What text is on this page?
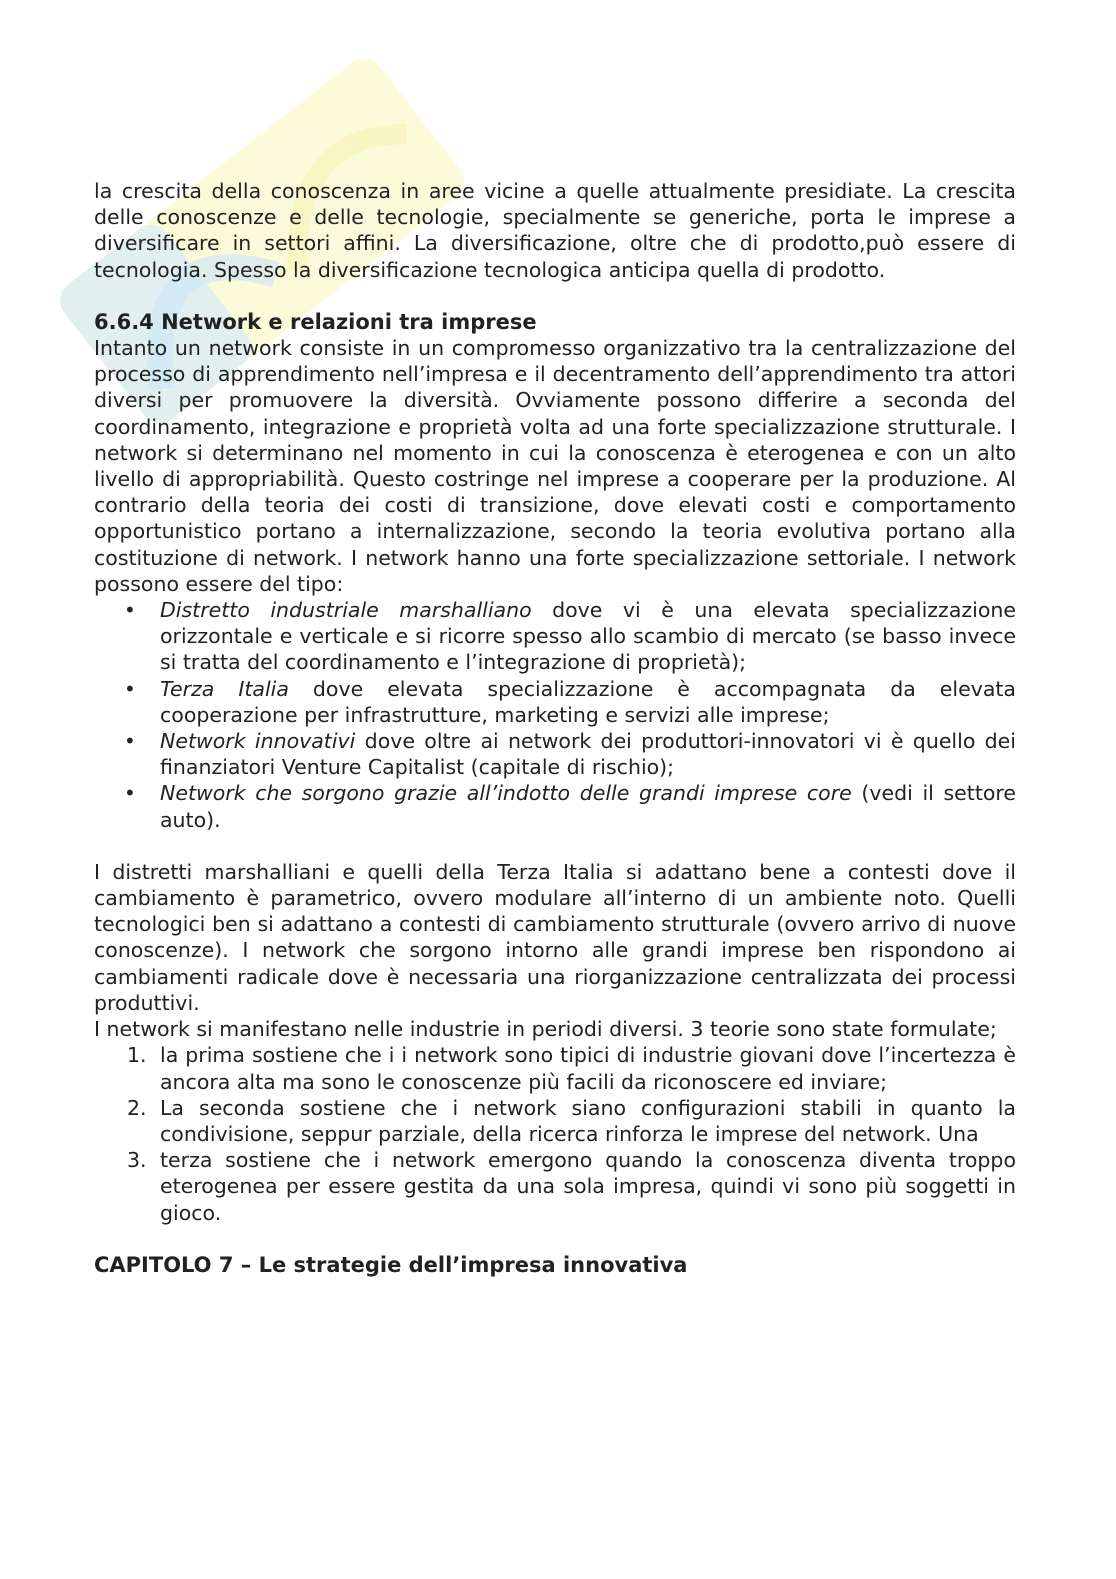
la crescita della conoscenza in aree vicine a quelle attualmente presidiate. La crescita delle conoscenze e delle tecnologie, specialmente se generiche, porta le imprese a diversificare in settori affini. La diversificazione, oltre che di prodotto,può essere di tecnologia. Spesso la diversificazione tecnologica anticipa quella di prodotto.

6.6.4 Network e relazioni tra imprese

Intanto un network consiste in un compromesso organizzativo tra la centralizzazione del processo di apprendimento nell’impresa e il decentramento dell’apprendimento tra attori diversi per promuovere la diversità. Ovviamente possono differire a seconda del coordinamento, integrazione e proprietà volta ad una forte specializzazione strutturale. I network si determinano nel momento in cui la conoscenza è eterogenea e con un alto livello di appropriabilità. Questo costringe nel imprese a cooperare per la produzione. Al contrario della teoria dei costi di transizione, dove elevati costi e comportamento opportunistico portano a internalizzazione, secondo la teoria evolutiva portano alla costituzione di network. I network hanno una forte specializzazione settoriale. I network possono essere del tipo:

• Distretto industriale marshalliano dove vi è una elevata specializzazione orizzontale e verticale e si ricorre spesso allo scambio di mercato (se basso invece si tratta del coordinamento e l’integrazione di proprietà);
• Terza Italia dove elevata specializzazione è accompagnata da elevata cooperazione per infrastrutture, marketing e servizi alle imprese;
• Network innovativi dove oltre ai network dei produttori-innovatori vi è quello dei finanziatori Venture Capitalist (capitale di rischio);
• Network che sorgono grazie all’indotto delle grandi imprese core (vedi il settore auto).

I distretti marshalliani e quelli della Terza Italia si adattano bene a contesti dove il cambiamento è parametrico, ovvero modulare all’interno di un ambiente noto. Quelli tecnologici ben si adattano a contesti di cambiamento strutturale (ovvero arrivo di nuove conoscenze). I network che sorgono intorno alle grandi imprese ben rispondono ai cambiamenti radicale dove è necessaria una riorganizzazione centralizzata dei processi produttivi.

I network si manifestano nelle industrie in periodi diversi. 3 teorie sono state formulate;

1. la prima sostiene che i i network sono tipici di industrie giovani dove l’incertezza è ancora alta ma sono le conoscenze più facili da riconoscere ed inviare;
2. La seconda sostiene che i network siano configurazioni stabili in quanto la condivisione, seppur parziale, della ricerca rinforza le imprese del network. Una
3. terza sostiene che i network emergono quando la conoscenza diventa troppo eterogenea per essere gestita da una sola impresa, quindi vi sono più soggetti in gioco.
CAPITOLO 7 – Le strategie dell’impresa innovativa
